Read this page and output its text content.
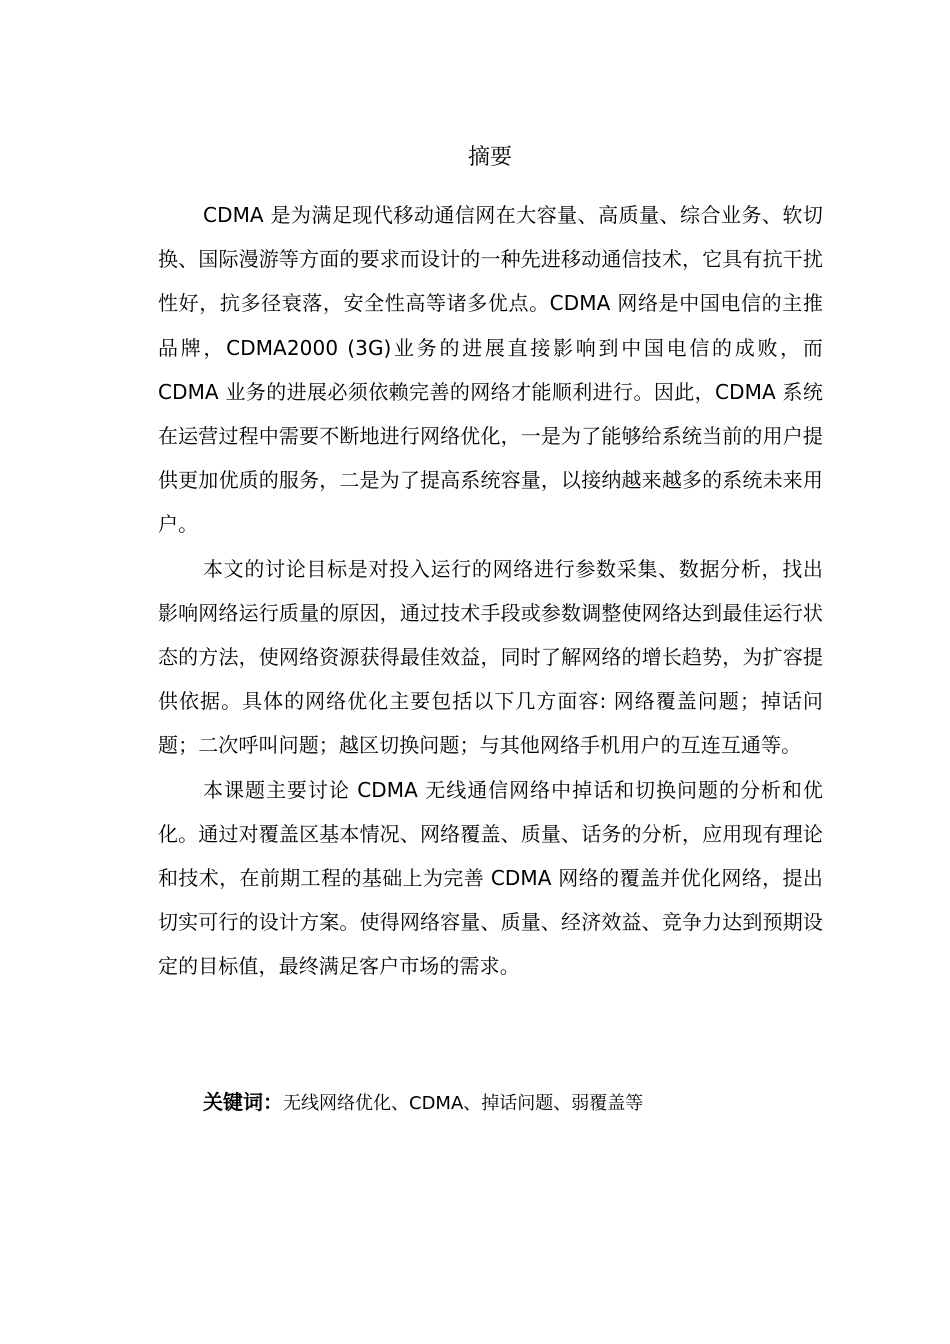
摘要

CDMA 是为满足现代移动通信网在大容量、高质量、综合业务、软切换、国际漫游等方面的要求而设计的一种先进移动通信技术，它具有抗干扰性好，抗多径衰落，安全性高等诸多优点。CDMA 网络是中国电信的主推品牌，CDMA2000 (3G)业务的进展直接影响到中国电信的成败，而 CDMA 业务的进展必须依赖完善的网络才能顺利进行。因此，CDMA 系统在运营过程中需要不断地进行网络优化，一是为了能够给系统当前的用户提供更加优质的服务，二是为了提高系统容量，以接纳越来越多的系统未来用户。

本文的讨论目标是对投入运行的网络进行参数采集、数据分析，找出影响网络运行质量的原因，通过技术手段或参数调整使网络达到最佳运行状态的方法，使网络资源获得最佳效益，同时了解网络的增长趋势，为扩容提供依据。具体的网络优化主要包括以下几方面容: 网络覆盖问题；掉话问题；二次呼叫问题；越区切换问题；与其他网络手机用户的互连互通等。

本课题主要讨论 CDMA 无线通信网络中掉话和切换问题的分析和优化。通过对覆盖区基本情况、网络覆盖、质量、话务的分析，应用现有理论和技术，在前期工程的基础上为完善 CDMA 网络的覆盖并优化网络，提出切实可行的设计方案。使得网络容量、质量、经济效益、竞争力达到预期设定的目标值，最终满足客户市场的需求。

关键词：无线网络优化、CDMA、掉话问题、弱覆盖等
